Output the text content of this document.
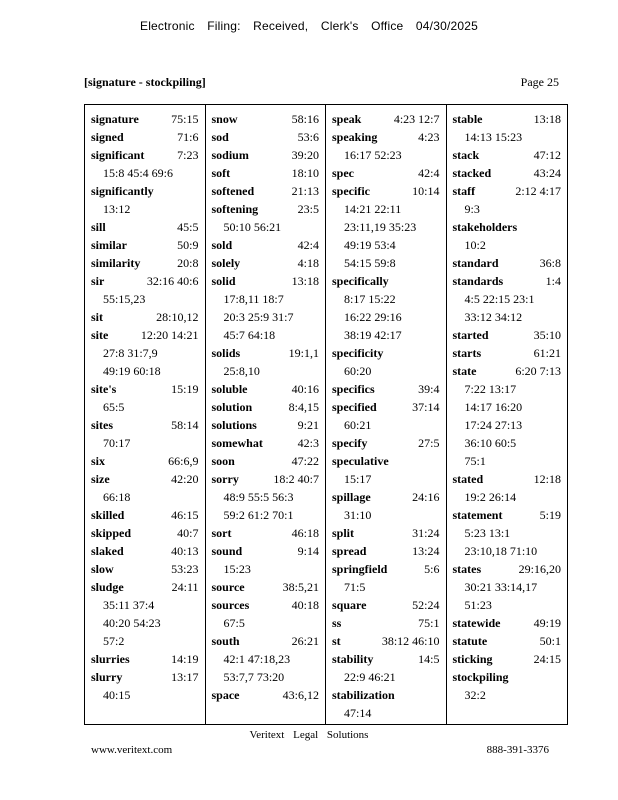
Electronic Filing: Received, Clerk's Office 04/30/2025
[signature - stockpiling]	Page 25
signature	75:15
signed	71:6
significant	7:23
15:8 45:4 69:6
significantly
13:12
sill	45:5
similar	50:9
similarity	20:8
sir	32:16 40:6
55:15,23
sit	28:10,12
site	12:20 14:21
27:8 31:7,9
49:19 60:18
site's	15:19
65:5
sites	58:14
70:17
six	66:6,9
size	42:20
66:18
skilled	46:15
skipped	40:7
slaked	40:13
slow	53:23
sludge	24:11
35:11 37:4
40:20 54:23
57:2
slurries	14:19
slurry	13:17
40:15
snow	58:16
sod	53:6
sodium	39:20
soft	18:10
softened	21:13
softening	23:5
50:10 56:21
sold	42:4
solely	4:18
solid	13:18
17:8,11 18:7
20:3 25:9 31:7
45:7 64:18
solids	19:1,1
25:8,10
soluble	40:16
solution	8:4,15
solutions	9:21
somewhat	42:3
soon	47:22
sorry	18:2 40:7
48:9 55:5 56:3
59:2 61:2 70:1
sort	46:18
sound	9:14
15:23
source	38:5,21
sources	40:18
67:5
south	26:21
42:1 47:18,23
53:7,7 73:20
space	43:6,12
speak	4:23 12:7
speaking	4:23
16:17 52:23
spec	42:4
specific	10:14
14:21 22:11
23:11,19 35:23
49:19 53:4
54:15 59:8
specifically
8:17 15:22
16:22 29:16
38:19 42:17
specificity
60:20
specifics	39:4
specified	37:14
60:21
specify	27:5
speculative
15:17
spillage	24:16
31:10
split	31:24
spread	13:24
springfield	5:6
71:5
square	52:24
ss	75:1
st	38:12 46:10
stability	14:5
22:9 46:21
stabilization
47:14
stable	13:18
14:13 15:23
stack	47:12
stacked	43:24
staff	2:12 4:17
9:3
stakeholders
10:2
standard	36:8
standards	1:4
4:5 22:15 23:1
33:12 34:12
started	35:10
starts	61:21
state	6:20 7:13
7:22 13:17
14:17 16:20
17:24 27:13
36:10 60:5
75:1
stated	12:18
19:2 26:14
statement	5:19
5:23 13:1
23:10,18 71:10
states	29:16,20
30:21 33:14,17
51:23
statewide	49:19
statute	50:1
sticking	24:15
stockpiling
32:2
Veritext Legal Solutions
www.veritext.com	888-391-3376
